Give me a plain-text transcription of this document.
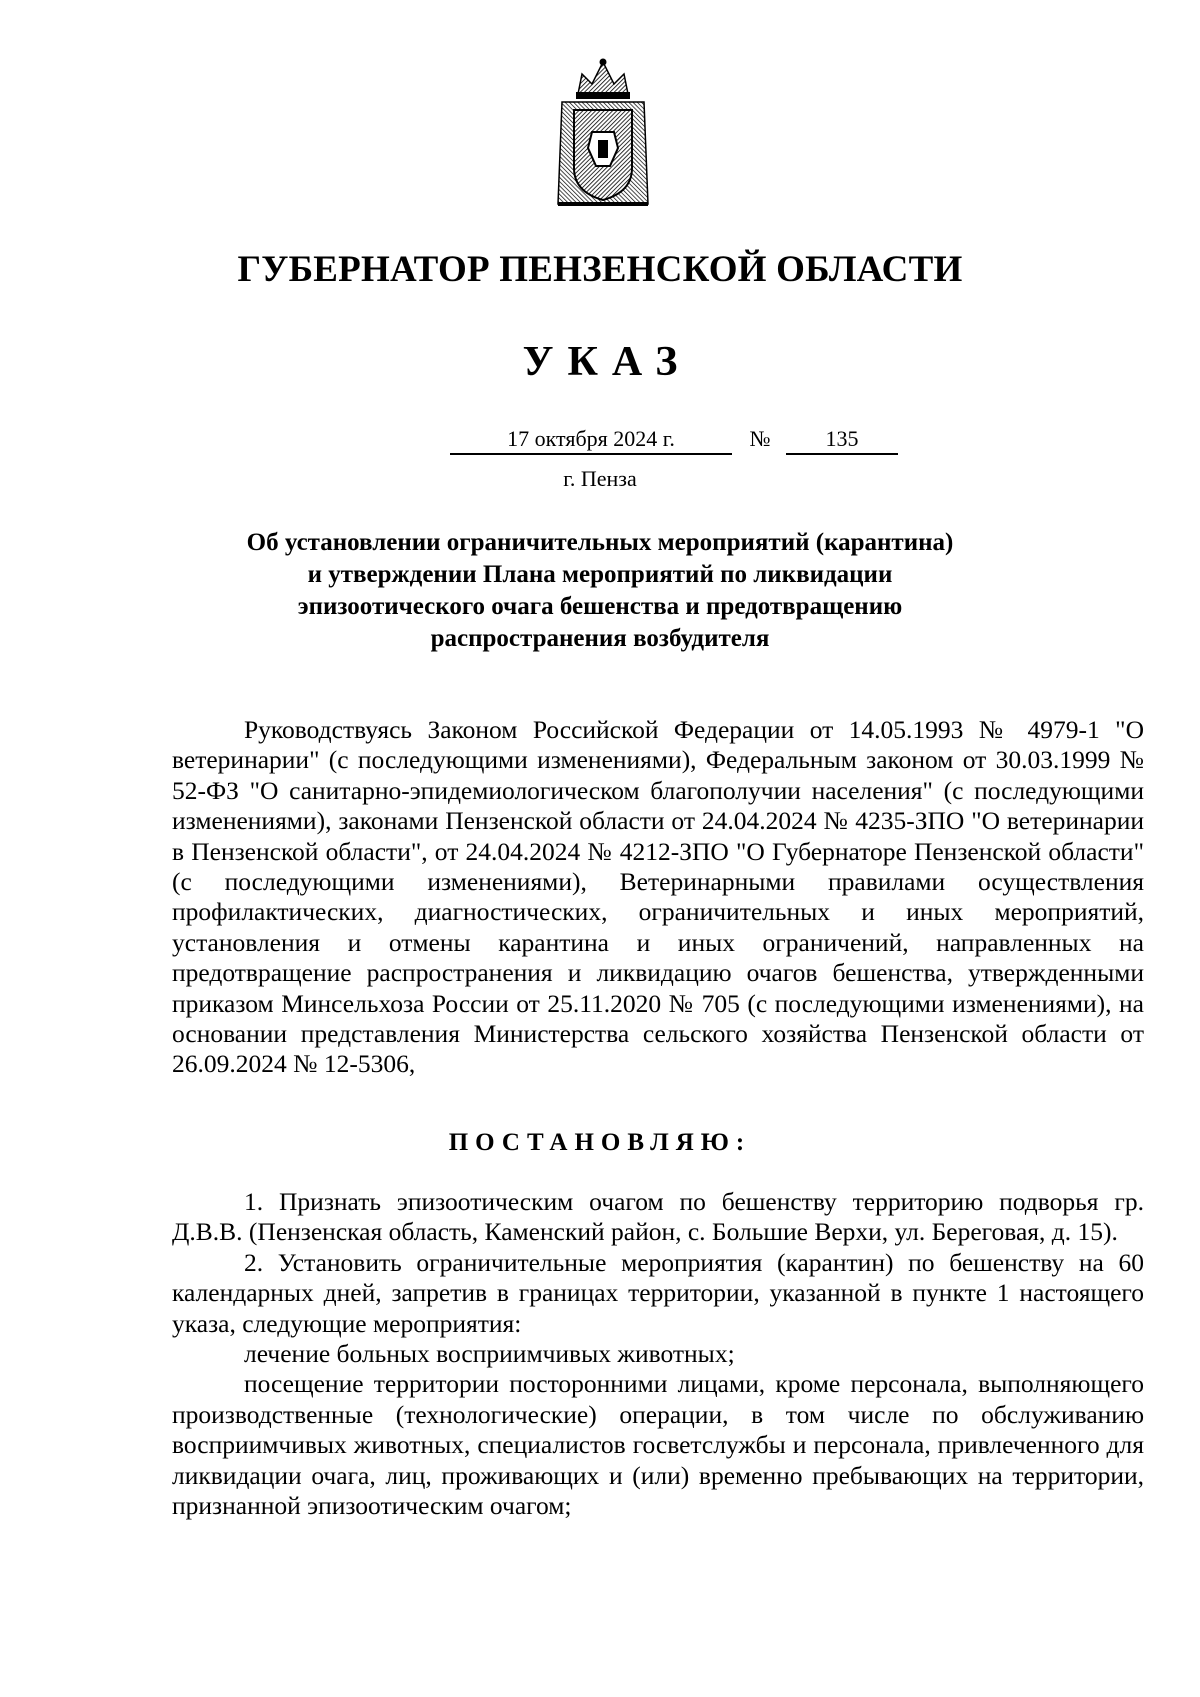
ГУБЕРНАТОР ПЕНЗЕНСКОЙ ОБЛАСТИ
УКАЗ
17 октября 2024 г.	№	135
г. Пенза
Об установлении ограничительных мероприятий (карантина)
и утверждении Плана мероприятий по ликвидации
эпизоотического очага бешенства и предотвращению
распространения возбудителя

Руководствуясь Законом Российской Федерации от 14.05.1993 № 4979-1 "О ветеринарии" (с последующими изменениями), Федеральным законом от 30.03.1999 № 52-ФЗ "О санитарно-эпидемиологическом благополучии населения" (с последующими изменениями), законами Пензенской области от 24.04.2024 № 4235-ЗПО "О ветеринарии в Пензенской области", от 24.04.2024 № 4212-ЗПО "О Губернаторе Пензенской области" (с последующими изменениями), Ветеринарными правилами осуществления профилактических, диагностических, ограничительных и иных мероприятий, установления и отмены карантина и иных ограничений, направленных на предотвращение распространения и ликвидацию очагов бешенства, утвержденными приказом Минсельхоза России от 25.11.2020 № 705 (с последующими изменениями), на основании представления Министерства сельского хозяйства Пензенской области от 26.09.2024 № 12-5306,

ПОСТАНОВЛЯЮ:

1. Признать эпизоотическим очагом по бешенству территорию подворья гр. Д.В.В. (Пензенская область, Каменский район, с. Большие Верхи, ул. Береговая, д. 15).

2. Установить ограничительные мероприятия (карантин) по бешенству на 60 календарных дней, запретив в границах территории, указанной в пункте 1 настоящего указа, следующие мероприятия:

лечение больных восприимчивых животных;

посещение территории посторонними лицами, кроме персонала, выполняющего производственные (технологические) операции, в том числе по обслуживанию восприимчивых животных, специалистов госветслужбы и персонала, привлеченного для ликвидации очага, лиц, проживающих и (или) временно пребывающих на территории, признанной эпизоотическим очагом;
